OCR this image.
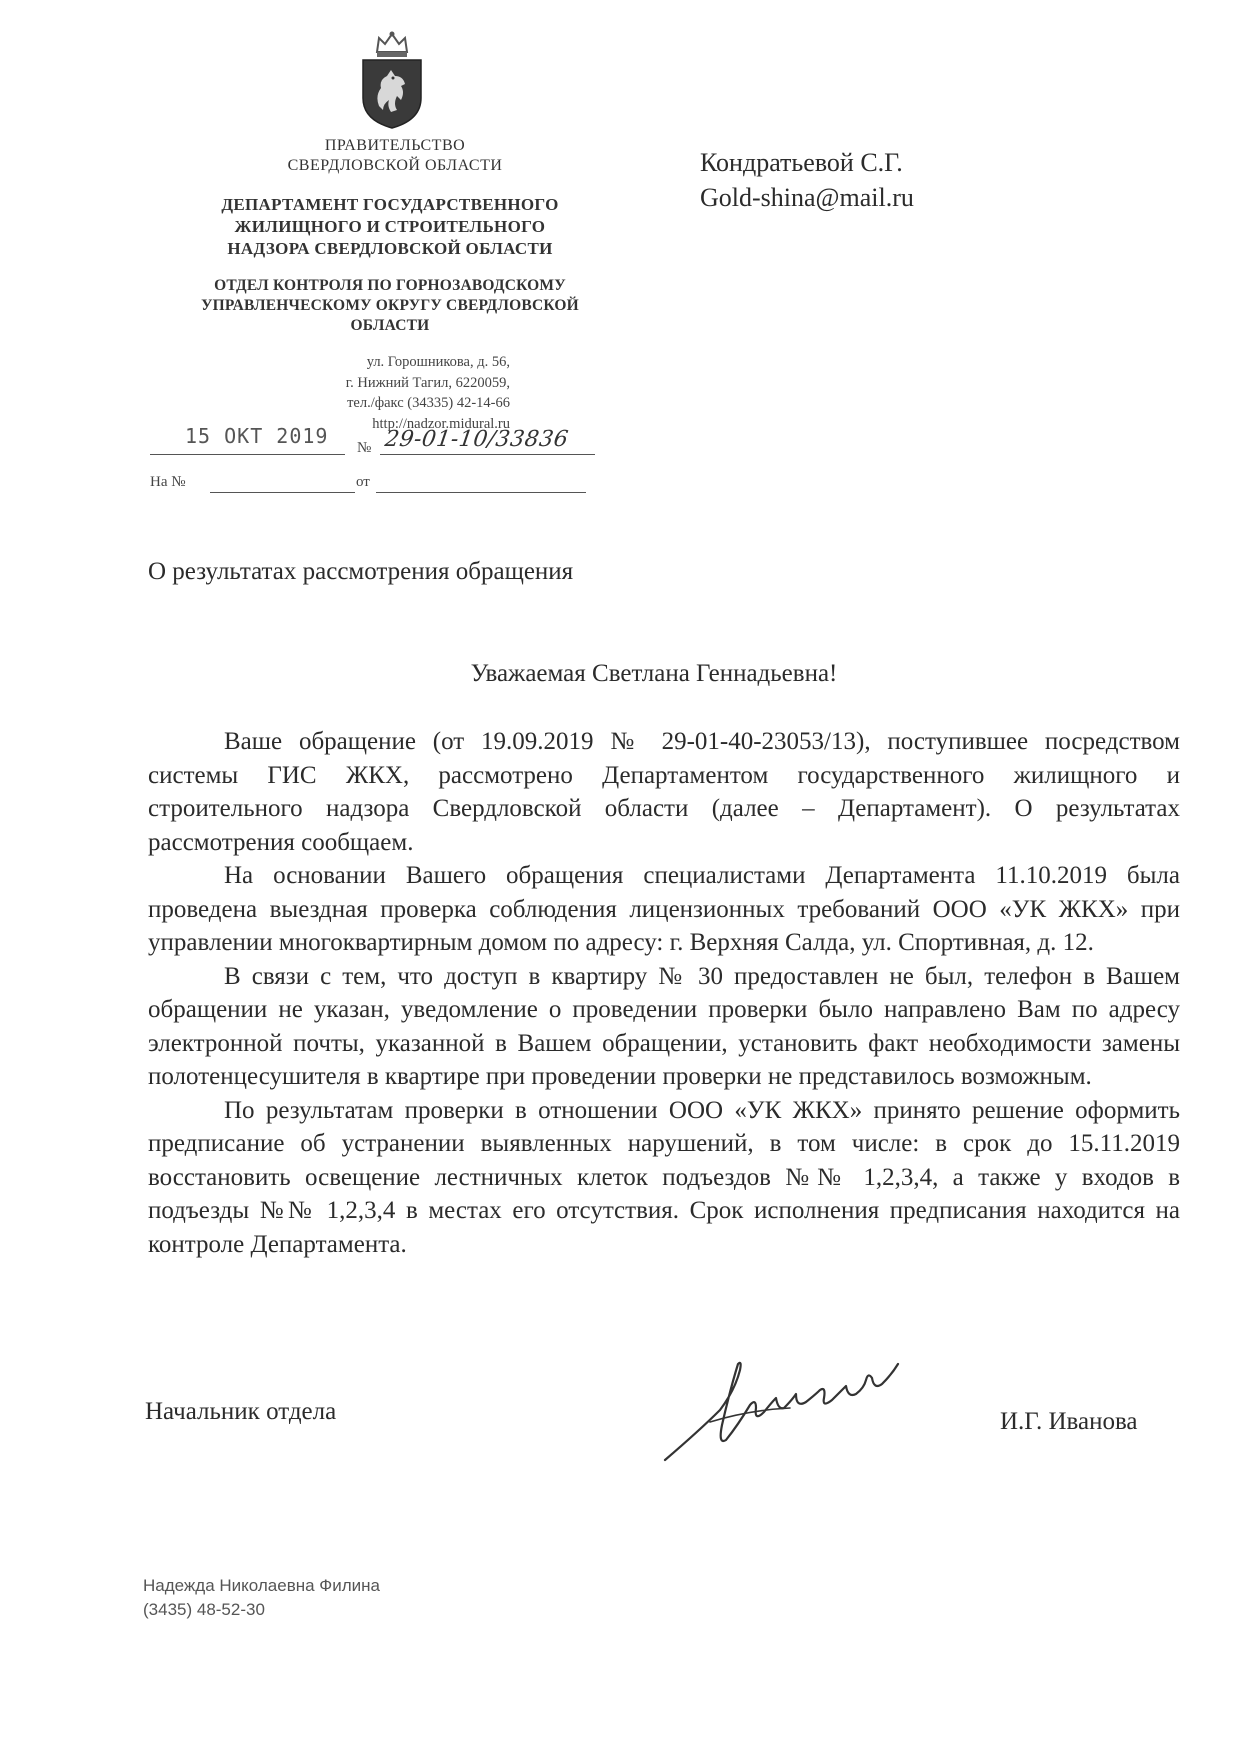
ПРАВИТЕЛЬСТВО
СВЕРДЛОВСКОЙ ОБЛАСТИ
ДЕПАРТАМЕНТ ГОСУДАРСТВЕННОГО
ЖИЛИЩНОГО И СТРОИТЕЛЬНОГО
НАДЗОРА СВЕРДЛОВСКОЙ ОБЛАСТИ
ОТДЕЛ КОНТРОЛЯ ПО ГОРНОЗАВОДСКОМУ
УПРАВЛЕНЧЕСКОМУ ОКРУГУ СВЕРДЛОВСКОЙ
ОБЛАСТИ
ул. Горошникова, д. 56,
г. Нижний Тагил, 6220059,
тел./факс (34335) 42-14-66
http://nadzor.midural.ru
15 ОКТ 2019 № 29-01-10/33836
На №	от
Кондратьевой С.Г.
Gold-shina@mail.ru
О результатах рассмотрения обращения
Уважаемая Светлана Геннадьевна!

Ваше обращение (от 19.09.2019 № 29-01-40-23053/13), поступившее посредством системы ГИС ЖКХ, рассмотрено Департаментом государственного жилищного и строительного надзора Свердловской области (далее – Департамент). О результатах рассмотрения сообщаем.

На основании Вашего обращения специалистами Департамента 11.10.2019 была проведена выездная проверка соблюдения лицензионных требований ООО «УК ЖКХ» при управлении многоквартирным домом по адресу: г. Верхняя Салда, ул. Спортивная, д. 12.

В связи с тем, что доступ в квартиру № 30 предоставлен не был, телефон в Вашем обращении не указан, уведомление о проведении проверки было направлено Вам по адресу электронной почты, указанной в Вашем обращении, установить факт необходимости замены полотенцесушителя в квартире при проведении проверки не представилось возможным.

По результатам проверки в отношении ООО «УК ЖКХ» принято решение оформить предписание об устранении выявленных нарушений, в том числе: в срок до 15.11.2019 восстановить освещение лестничных клеток подъездов №№ 1,2,3,4, а также у входов в подъезды №№ 1,2,3,4 в местах его отсутствия. Срок исполнения предписания находится на контроле Департамента.

Начальник отдела	И.Г. Иванова
Надежда Николаевна Филина
(3435) 48-52-30
